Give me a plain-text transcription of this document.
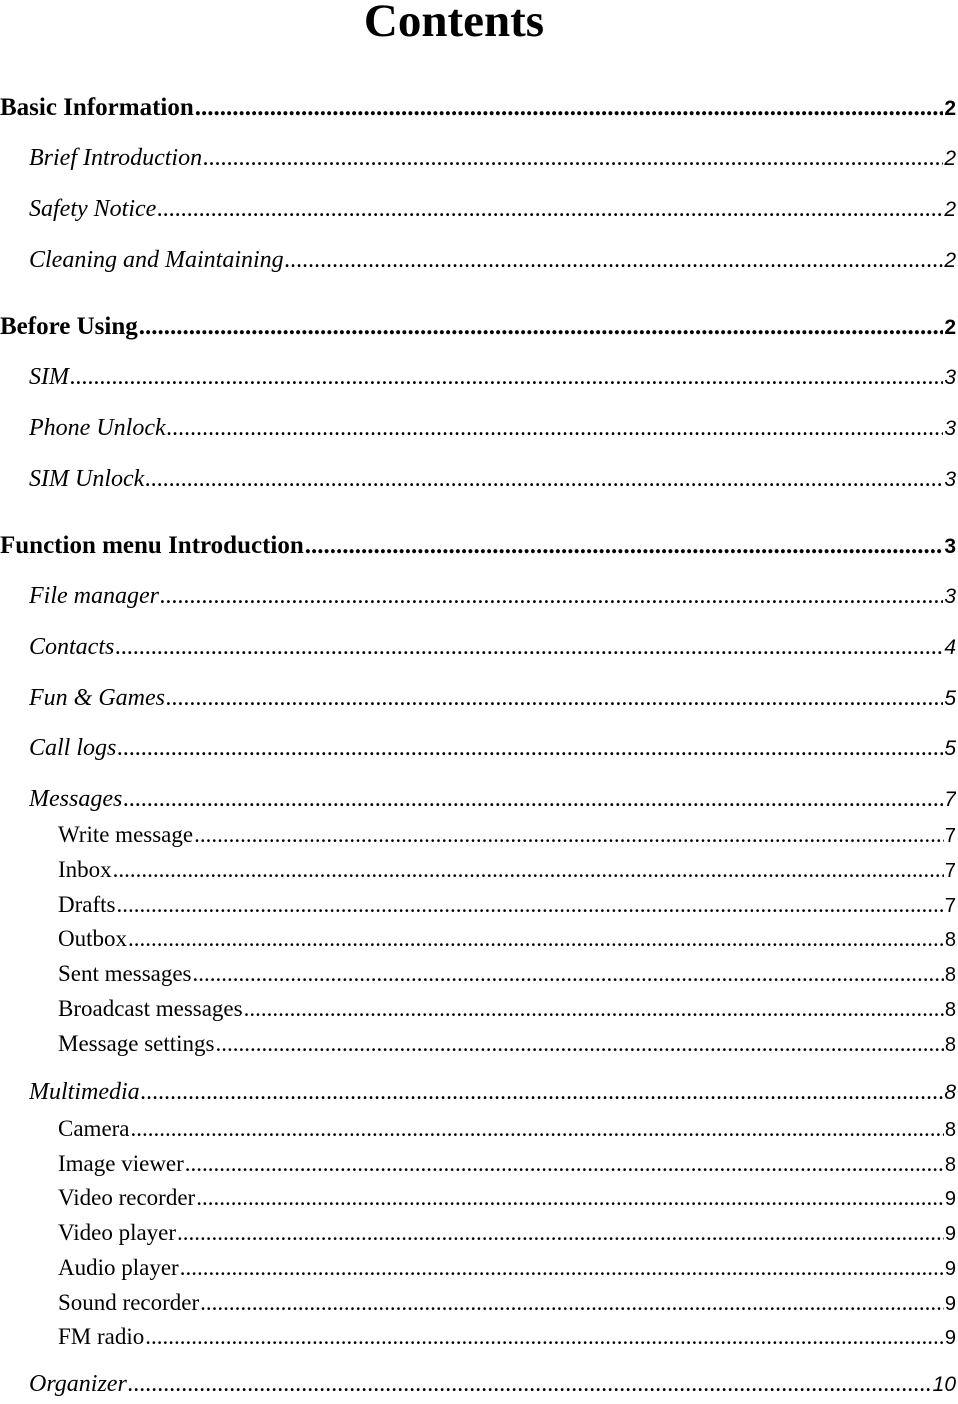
Contents
Basic Information .....	2
Brief Introduction .....	2
Safety Notice .....	2
Cleaning and Maintaining .....	2
Before Using .....	2
SIM .....	3
Phone Unlock .....	3
SIM Unlock .....	3
Function menu Introduction .....	3
File manager .....	3
Contacts .....	4
Fun & Games .....	5
Call logs .....	5
Messages .....	7
Write message .....	7
Inbox .....	7
Drafts .....	7
Outbox .....	8
Sent messages .....	8
Broadcast messages .....	8
Message settings .....	8
Multimedia .....	8
Camera .....	8
Image viewer .....	8
Video recorder .....	9
Video player .....	9
Audio player .....	9
Sound recorder .....	9
FM radio .....	9
Organizer .....	10
